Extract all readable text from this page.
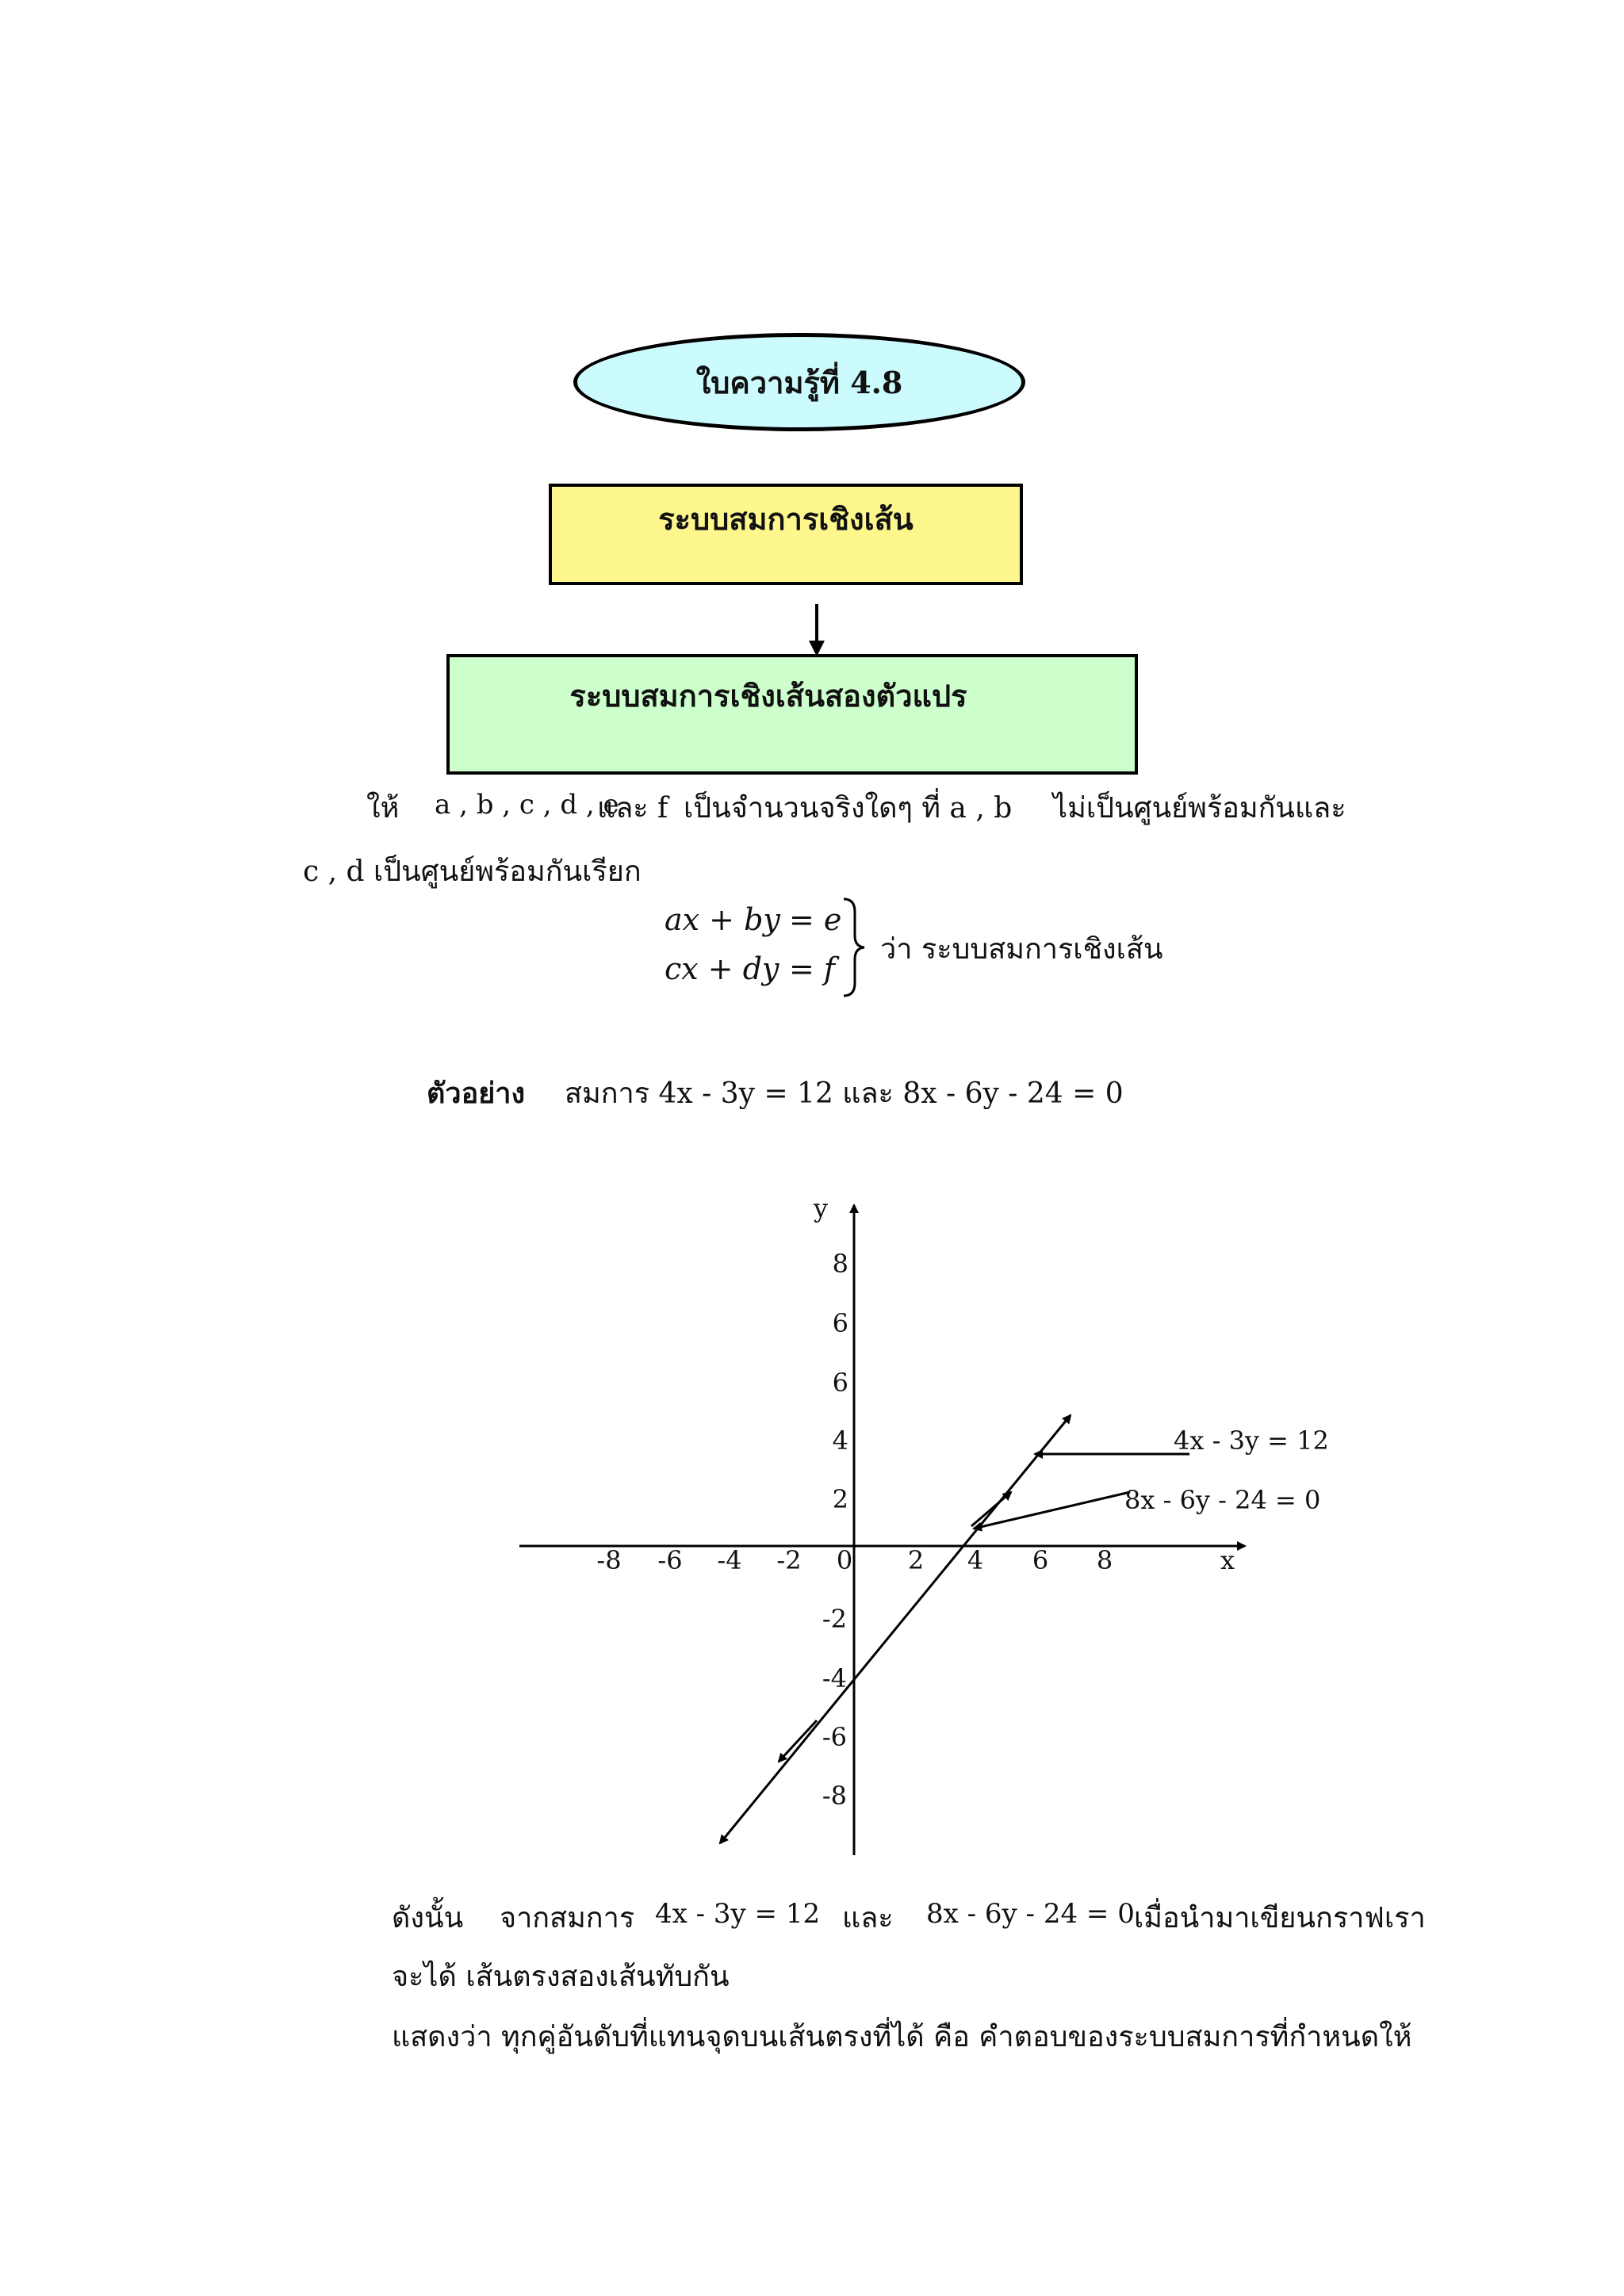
ใบความรู้ที่ 4.8
ระบบสมการเชิงเส้น
ระบบสมการเชิงเส้นสองตัวแปร
ให้ a , b , c , d , e
และ f เป็นจำนวนจริงใดๆ ที่ a , b ไม่เป็นศูนย์พร้อมกันและ
c , d เป็นศูนย์พร้อมกันเรียก
ax + by = e
cx + dy = f
ว่า ระบบสมการเชิงเส้น
ตัวอย่าง สมการ 4x - 3y = 12 และ 8x - 6y - 24 = 0
-8 -6 -4 -2 0 2 4 6 8	x
y
8
6
6
4
2
-2
-4
-6
-8
4x - 3y = 12
8x - 6y - 24 = 0
ดังนั้น จากสมการ 4x - 3y = 12 และ 8x - 6y - 24 = 0 เมื่อนำมาเขียนกราฟเรา
จะได้ เส้นตรงสองเส้นทับกัน
แสดงว่า ทุกคู่อันดับที่แทนจุดบนเส้นตรงที่ได้ คือ คำตอบของระบบสมการที่กำหนดให้
